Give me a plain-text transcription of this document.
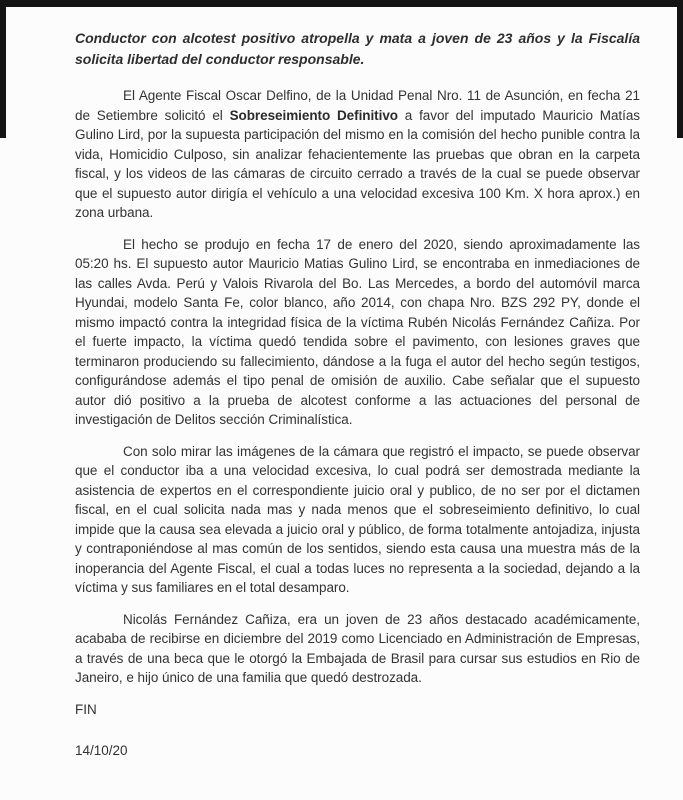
Conductor con alcotest positivo atropella y mata a joven de 23 años y la Fiscalía solicita libertad del conductor responsable.

El Agente Fiscal Oscar Delfino, de la Unidad Penal Nro. 11 de Asunción, en fecha 21 de Setiembre solicitó el Sobreseimiento Definitivo a favor del imputado Mauricio Matías Gulino Lird, por la supuesta participación del mismo en la comisión del hecho punible contra la vida, Homicidio Culposo, sin analizar fehacientemente las pruebas que obran en la carpeta fiscal, y los videos de las cámaras de circuito cerrado a través de la cual se puede observar que el supuesto autor dirigía el vehículo a una velocidad excesiva 100 Km. X hora aprox.) en zona urbana.

El hecho se produjo en fecha 17 de enero del 2020, siendo aproximadamente las 05:20 hs. El supuesto autor Mauricio Matias Gulino Lird, se encontraba en inmediaciones de las calles Avda. Perú y Valois Rivarola del Bo. Las Mercedes, a bordo del automóvil marca Hyundai, modelo Santa Fe, color blanco, año 2014, con chapa Nro. BZS 292 PY, donde el mismo impactó contra la integridad física de la víctima Rubén Nicolás Fernández Cañiza. Por el fuerte impacto, la víctima quedó tendida sobre el pavimento, con lesiones graves que terminaron produciendo su fallecimiento, dándose a la fuga el autor del hecho según testigos, configurándose además el tipo penal de omisión de auxilio. Cabe señalar que el supuesto autor dió positivo a la prueba de alcotest conforme a las actuaciones del personal de investigación de Delitos sección Criminalística.

Con solo mirar las imágenes de la cámara que registró el impacto, se puede observar que el conductor iba a una velocidad excesiva, lo cual podrá ser demostrada mediante la asistencia de expertos en el correspondiente juicio oral y publico, de no ser por el dictamen fiscal, en el cual solicita nada mas y nada menos que el sobreseimiento definitivo, lo cual impide que la causa sea elevada a juicio oral y público, de forma totalmente antojadiza, injusta y contraponiéndose al mas común de los sentidos, siendo esta causa una muestra más de la inoperancia del Agente Fiscal, el cual a todas luces no representa a la sociedad, dejando a la víctima y sus familiares en el total desamparo.

Nicolás Fernández Cañiza, era un joven de 23 años destacado académicamente, acababa de recibirse en diciembre del 2019 como Licenciado en Administración de Empresas, a través de una beca que le otorgó la Embajada de Brasil para cursar sus estudios en Rio de Janeiro, e hijo único de una familia que quedó destrozada.

FIN

14/10/20
